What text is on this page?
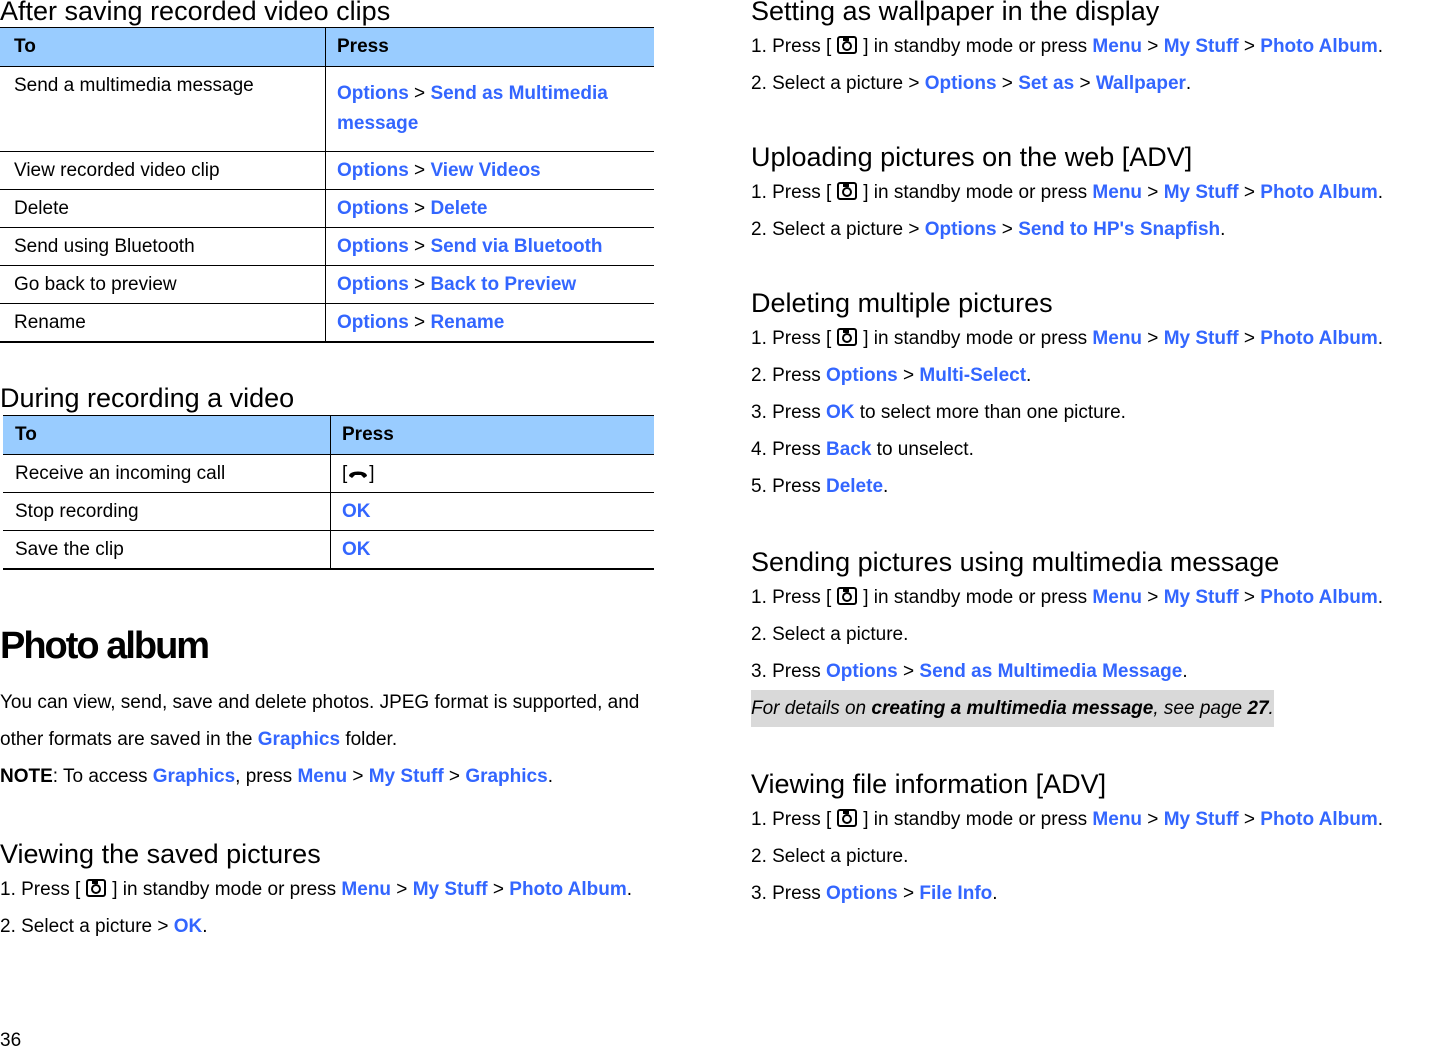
After saving recorded video clips
To	Press
Send a multimedia message	Options > Send as Multimedia
message
View recorded video clip	Options > View Videos
Delete	Options > Delete
Send using Bluetooth	Options > Send via Bluetooth
Go back to preview	Options > Back to Preview
Rename	Options > Rename
During recording a video
To	Press
Receive an incoming call	[ ]
Stop recording	OK
Save the clip	OK
Photo album
You can view, send, save and delete photos. JPEG format is supported, and
other formats are saved in the Graphics folder.
NOTE: To access Graphics, press Menu > My Stuff > Graphics.
Viewing the saved pictures
1. Press [ ] in standby mode or press Menu > My Stuff > Photo Album.
2. Select a picture > OK.
Setting as wallpaper in the display
1. Press [ ] in standby mode or press Menu > My Stuff > Photo Album.
2. Select a picture > Options > Set as > Wallpaper.
Uploading pictures on the web [ADV]
1. Press [ ] in standby mode or press Menu > My Stuff > Photo Album.
2. Select a picture > Options > Send to HP's Snapfish.
Deleting multiple pictures
1. Press [ ] in standby mode or press Menu > My Stuff > Photo Album.
2. Press Options > Multi-Select.
3. Press OK to select more than one picture.
4. Press Back to unselect.
5. Press Delete.
Sending pictures using multimedia message
1. Press [ ] in standby mode or press Menu > My Stuff > Photo Album.
2. Select a picture.
3. Press Options > Send as Multimedia Message.
For details on creating a multimedia message, see page 27.
Viewing file information [ADV]
1. Press [ ] in standby mode or press Menu > My Stuff > Photo Album.
2. Select a picture.
3. Press Options > File Info.
36
